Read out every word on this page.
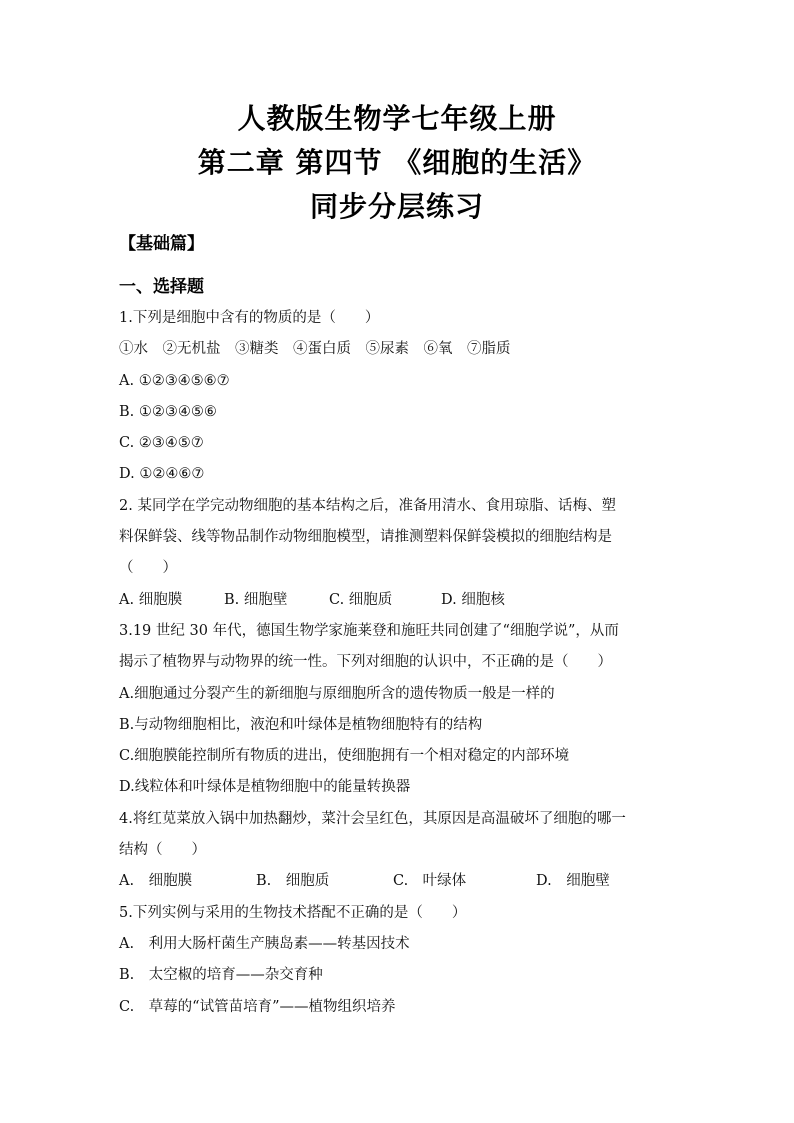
人教版生物学七年级上册
第二章 第四节 《细胞的生活》
同步分层练习
【基础篇】
一、选择题
1.下列是细胞中含有的物质的是（　　）
①水　②无机盐　③糖类　④蛋白质　⑤尿素　⑥氧　⑦脂质
A. ①②③④⑤⑥⑦
B. ①②③④⑤⑥
C. ②③④⑤⑦
D. ①②④⑥⑦
2. 某同学在学完动物细胞的基本结构之后，准备用清水、食用琼脂、话梅、塑
料保鲜袋、线等物品制作动物细胞模型，请推测塑料保鲜袋模拟的细胞结构是
（　　）
A. 细胞膜	B. 细胞壁	C. 细胞质	D. 细胞核
3.19 世纪 30 年代，德国生物学家施莱登和施旺共同创建了“细胞学说”，从而
揭示了植物界与动物界的统一性。下列对细胞的认识中，不正确的是（　　）
A.细胞通过分裂产生的新细胞与原细胞所含的遗传物质一般是一样的
B.与动物细胞相比，液泡和叶绿体是植物细胞特有的结构
C.细胞膜能控制所有物质的进出，使细胞拥有一个相对稳定的内部环境
D.线粒体和叶绿体是植物细胞中的能量转换器
4.将红苋菜放入锅中加热翻炒，菜汁会呈红色，其原因是高温破坏了细胞的哪一
结构（　　）
A.　细胞膜	B.　细胞质	C.　叶绿体	D.　细胞壁
5.下列实例与采用的生物技术搭配不正确的是（　　）
A.　利用大肠杆菌生产胰岛素——转基因技术
B.　太空椒的培育——杂交育种
C.　草莓的“试管苗培育”——植物组织培养
